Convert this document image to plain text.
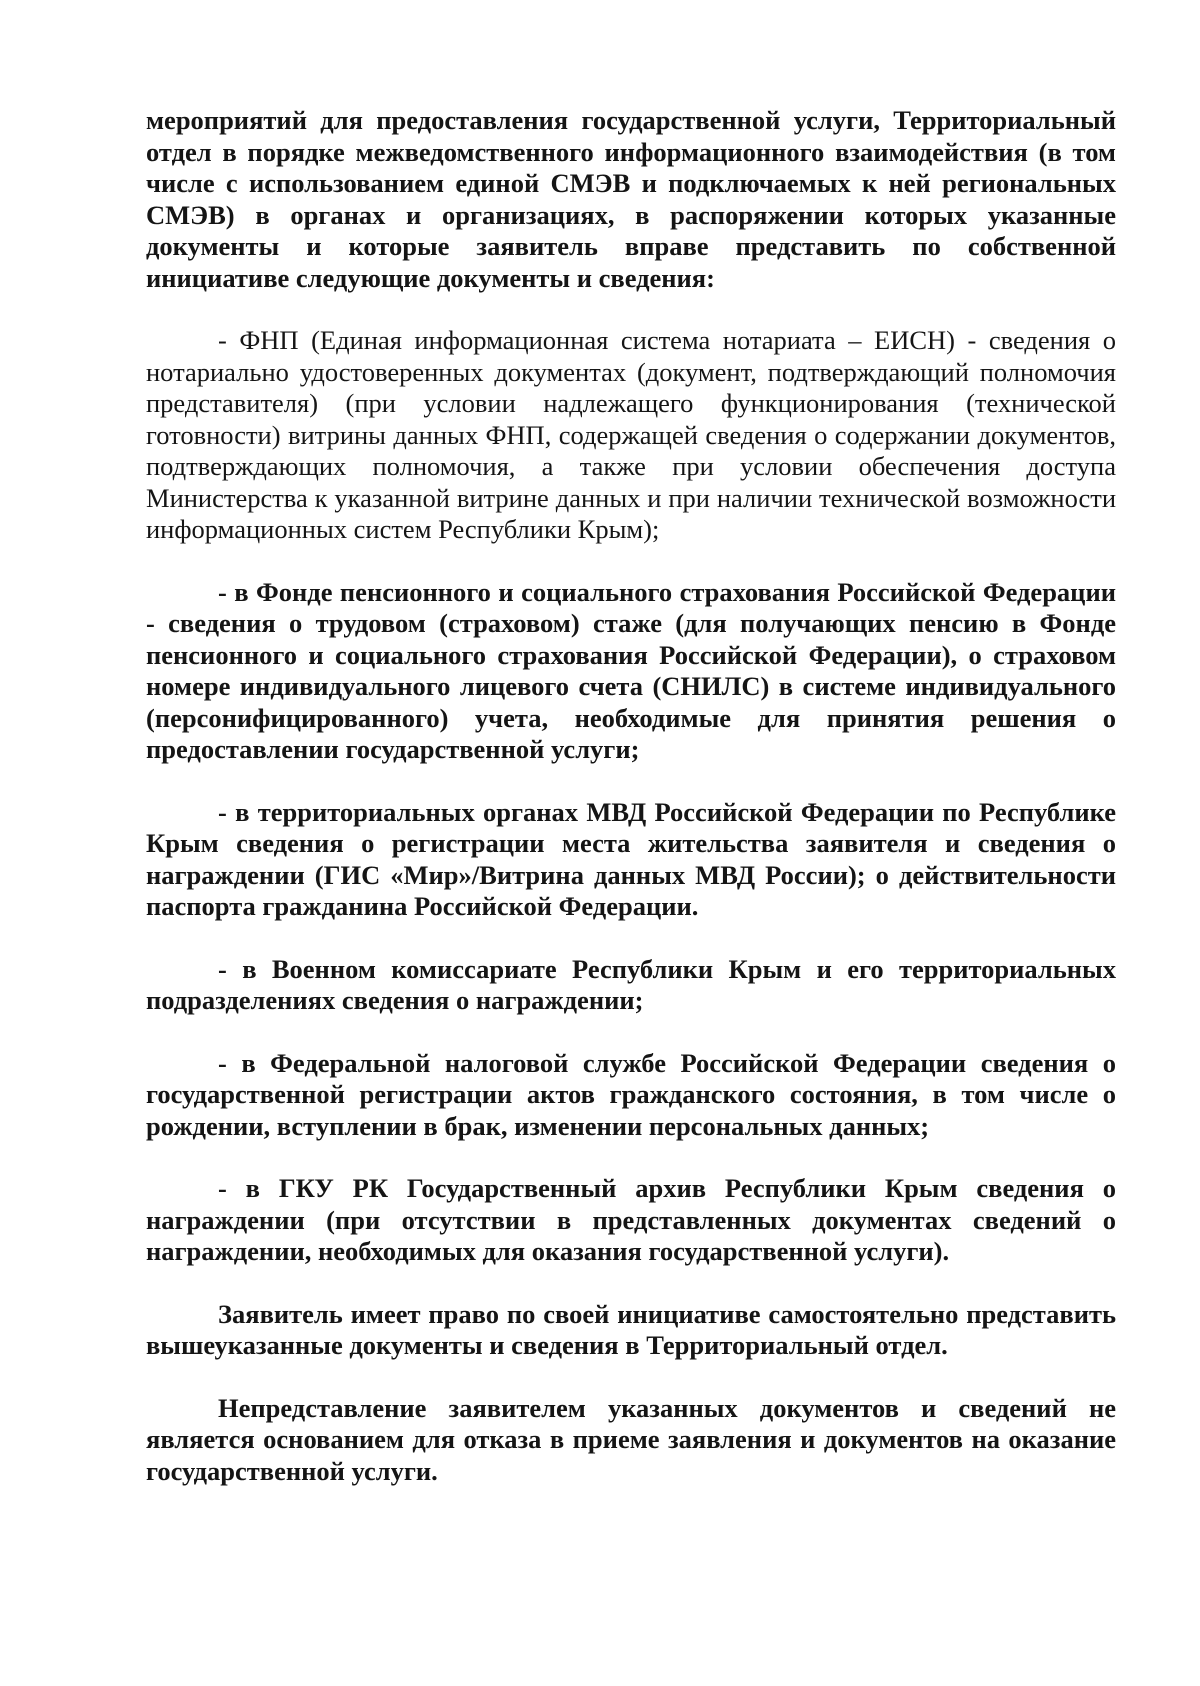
мероприятий для предоставления государственной услуги, Территориальный отдел в порядке межведомственного информационного взаимодействия (в том числе с использованием единой СМЭВ и подключаемых к ней региональных СМЭВ) в органах и организациях, в распоряжении которых указанные документы и которые заявитель вправе представить по собственной инициативе следующие документы и сведения:

- ФНП (Единая информационная система нотариата – ЕИСН) - сведения о нотариально удостоверенных документах (документ, подтверждающий полномочия представителя) (при условии надлежащего функционирования (технической готовности) витрины данных ФНП, содержащей сведения о содержании документов, подтверждающих полномочия, а также при условии обеспечения доступа Министерства к указанной витрине данных и при наличии технической возможности информационных систем Республики Крым);

- в Фонде пенсионного и социального страхования Российской Федерации - сведения о трудовом (страховом) стаже (для получающих пенсию в Фонде пенсионного и социального страхования Российской Федерации), о страховом номере индивидуального лицевого счета (СНИЛС) в системе индивидуального (персонифицированного) учета, необходимые для принятия решения о предоставлении государственной услуги;

- в территориальных органах МВД Российской Федерации по Республике Крым сведения о регистрации места жительства заявителя и сведения о награждении (ГИС «Мир»/Витрина данных МВД России); о действительности паспорта гражданина Российской Федерации.

- в Военном комиссариате Республики Крым и его территориальных подразделениях сведения о награждении;

- в Федеральной налоговой службе Российской Федерации сведения о государственной регистрации актов гражданского состояния, в том числе о рождении, вступлении в брак, изменении персональных данных;

- в ГКУ РК Государственный архив Республики Крым сведения о награждении (при отсутствии в представленных документах сведений о награждении, необходимых для оказания государственной услуги).

Заявитель имеет право по своей инициативе самостоятельно представить вышеуказанные документы и сведения в Территориальный отдел.

Непредставление заявителем указанных документов и сведений не является основанием для отказа в приеме заявления и документов на оказание государственной услуги.
